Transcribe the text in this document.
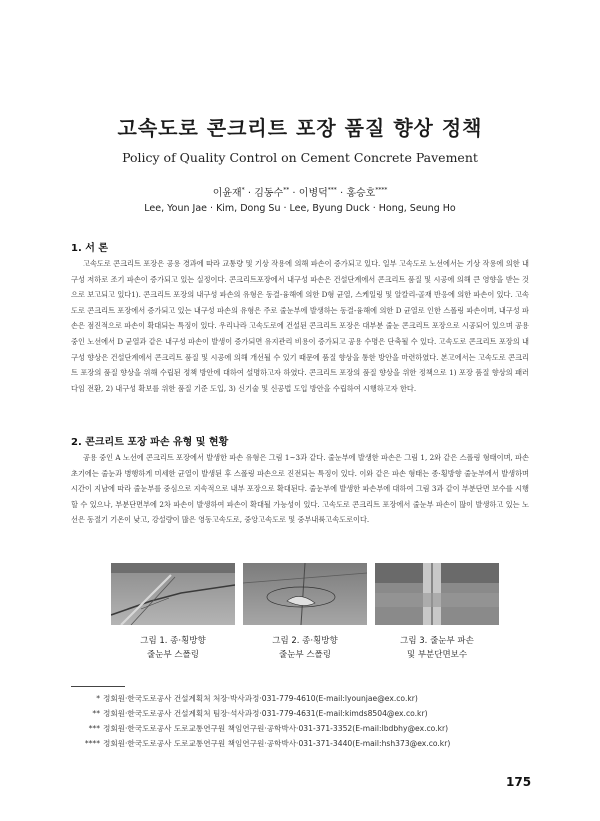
고속도로 콘크리트 포장 품질 향상 정책
Policy of Quality Control on Cement Concrete Pavement
이윤재* · 김동수** · 이병덕*** · 홍승호****
Lee, Youn Jae · Kim, Dong Su · Lee, Byung Duck · Hong, Seung Ho
1. 서 론
고속도로 콘크리트 포장은 공용 경과에 따라 교통량 및 기상 작용에 의해 파손이 증가되고 있다. 일부 고속도로 노선에서는 기상 작용에 의한 내구성 저하로 조기 파손이 증가되고 있는 실정이다. 콘크리트포장에서 내구성 파손은 건설단계에서 콘크리트 품질 및 시공에 의해 큰 영향을 받는 것으로 보고되고 있다1). 콘크리트 포장의 내구성 파손의 유형은 동결-융해에 의한 D형 균열, 스케일링 및 알칼리-골재 반응에 의한 파손이 있다. 고속도로 콘크리트 포장에서 증가되고 있는 내구성 파손의 유형은 주로 줄눈부에 발생하는 동결-융해에 의한 D 균열로 인한 스폴링 파손이며, 내구성 파손은 점진적으로 파손이 확대되는 특징이 있다. 우리나라 고속도로에 건설된 콘크리트 포장은 대부분 줄눈 콘크리트 포장으로 시공되어 있으며 공용 중인 노선에서 D 균열과 같은 내구성 파손이 발생이 증가되면 유지관리 비용이 증가되고 공용 수명은 단축될 수 있다. 고속도로 콘크리트 포장의 내구성 향상은 건설단계에서 콘크리트 품질 및 시공에 의해 개선될 수 있기 때문에 품질 향상을 통한 방안을 마련하였다. 본고에서는 고속도로 콘크리트 포장의 품질 향상을 위해 수립된 정책 방안에 대하여 설명하고자 하였다. 콘크리트 포장의 품질 향상을 위한 정책으로 1) 포장 품질 향상의 패러다임 전환, 2) 내구성 확보를 위한 품질 기준 도입, 3) 신기술 및 신공법 도입 방안을 수립하여 시행하고자 한다.
2. 콘크리트 포장 파손 유형 및 현황
공용 중인 A 노선에 콘크리트 포장에서 발생한 파손 유형은 그림 1~3과 같다. 줄눈부에 발생한 파손은 그림 1, 2와 같은 스폴링 형태이며, 파손 초기에는 줄눈과 병행하게 미세한 균열이 발생된 후 스폴링 파손으로 진전되는 특징이 있다. 이와 같은 파손 형태는 종·횡방향 줄눈부에서 발생하며 시간이 지남에 따라 줄눈부를 중심으로 지속적으로 내부 포장으로 확대된다. 줄눈부에 발생한 파손부에 대하여 그림 3과 같이 부분단면 보수를 시행할 수 있으나, 부분단면부에 2차 파손이 발생하여 파손이 확대될 가능성이 있다. 고속도로 콘크리트 포장에서 줄눈부 파손이 많이 발생하고 있는 노선은 동절기 기온이 낮고, 강설량이 많은 영동고속도로, 중앙고속도로 및 중부내륙고속도로이다.
그림 1. 종·횡방향
줄눈부 스폴링
그림 2. 종·횡방향
줄눈부 스폴링
그림 3. 줄눈부 파손
및 부분단면보수
* 정회원·한국도로공사 건설계획처 처장·박사과정·031-779-4610(E-mail:lyounjae@ex.co.kr)
** 정회원·한국도로공사 건설계획처 팀장·석사과정·031-779-4631(E-mail:kimds8504@ex.co.kr)
*** 정회원·한국도로공사 도로교통연구원 책임연구원·공학박사·031-371-3352(E-mail:lbdbhy@ex.co.kr)
**** 정회원·한국도로공사 도로교통연구원 책임연구원·공학박사·031-371-3440(E-mail:hsh373@ex.co.kr)
175
